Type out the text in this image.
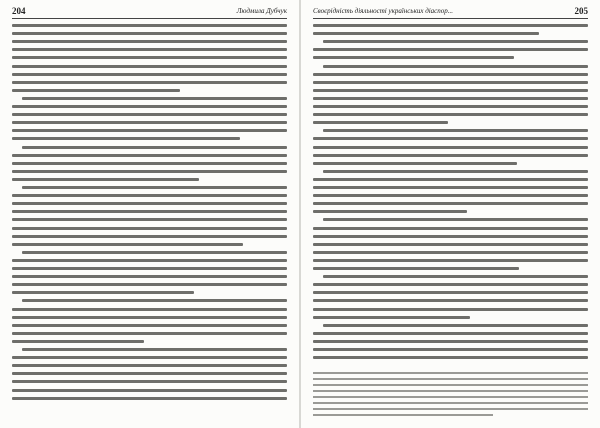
204	Людмила Дубчук	Своєрідність діяльності українських діаспор...	205
